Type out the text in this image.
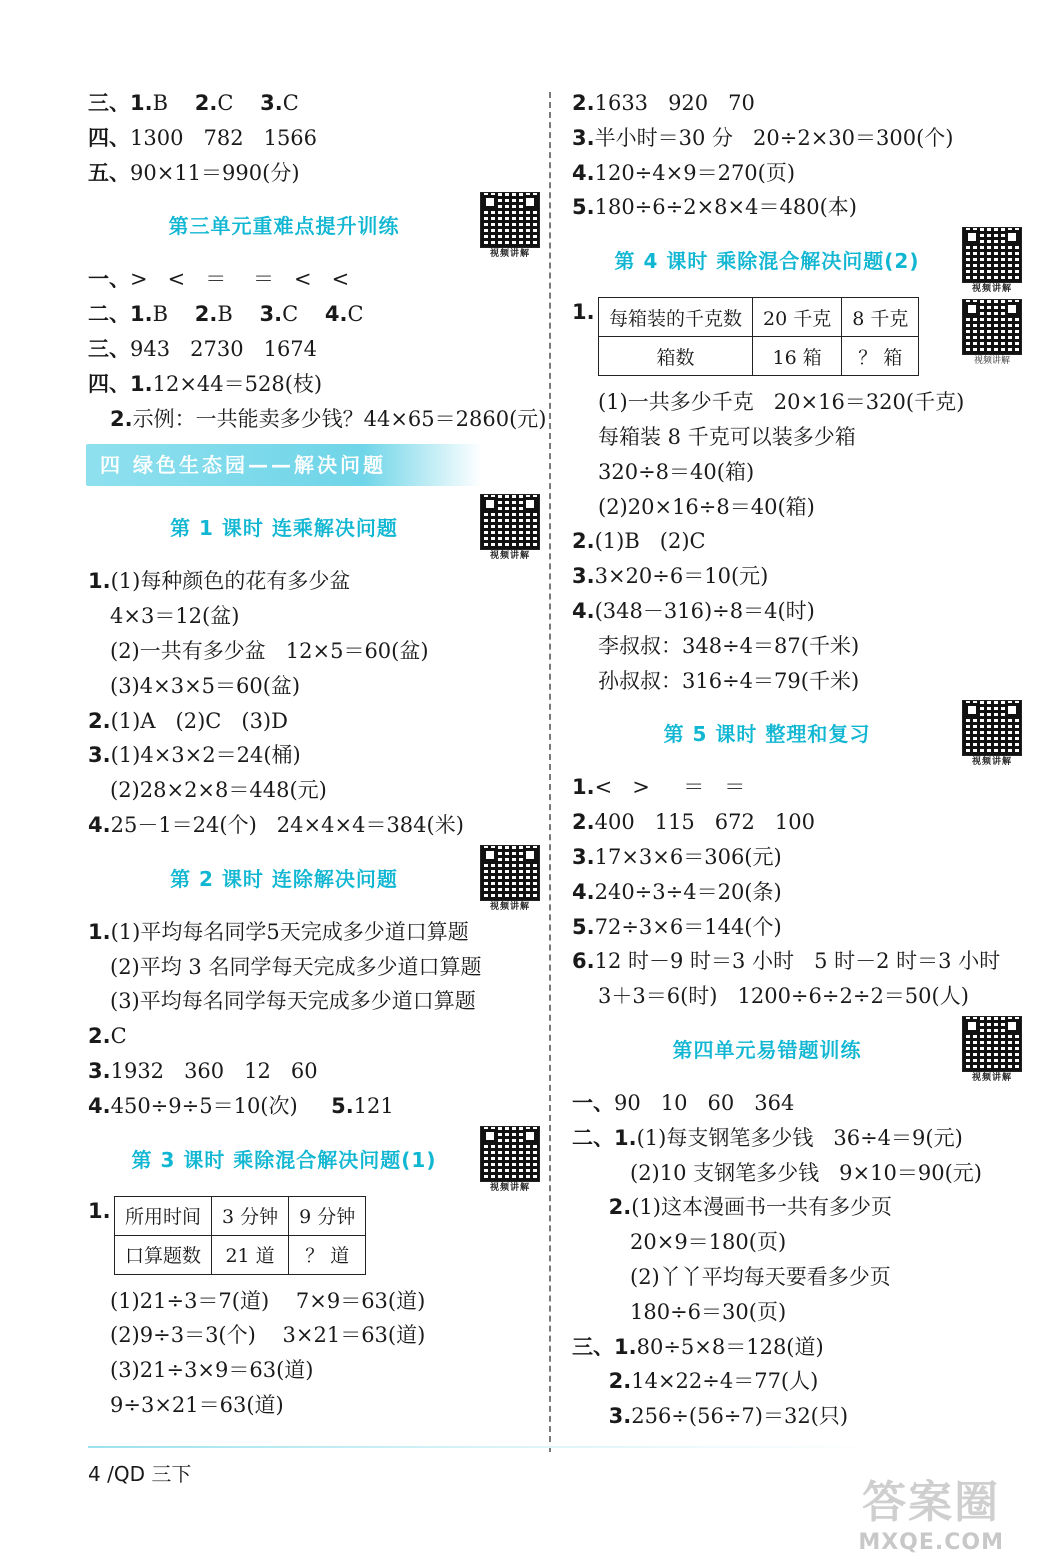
三、1.B    2.C    3.C
四、1300   782   1566
五、90×11＝990(分)
第三单元重难点提升训练
视频讲解
一、>   <   ＝    ＝   <   <
二、1.B    2.B    3.C    4.C
三、943   2730   1674
四、1.12×44＝528(枝)
2.示例：一共能卖多少钱？44×65＝2860(元)
四 绿色生态园——解决问题
第 1 课时 连乘解决问题
视频讲解
1.(1)每种颜色的花有多少盆
4×3＝12(盆)
(2)一共有多少盆   12×5＝60(盆)
(3)4×3×5＝60(盆)
2.(1)A   (2)C   (3)D
3.(1)4×3×2＝24(桶)
(2)28×2×8＝448(元)
4.25－1＝24(个)   24×4×4＝384(米)
第 2 课时 连除解决问题
视频讲解
1.(1)平均每名同学5天完成多少道口算题
(2)平均 3 名同学每天完成多少道口算题
(3)平均每名同学每天完成多少道口算题
2.C
3.1932   360   12   60
4.450÷9÷5＝10(次)     5.121
第 3 课时 乘除混合解决问题(1)
视频讲解
1. 所用时间	3 分钟	9 分钟
口算题数	21 道	？ 道
(1)21÷3＝7(道)    7×9＝63(道)
(2)9÷3＝3(个)    3×21＝63(道)
(3)21÷3×9＝63(道)
9÷3×21＝63(道)
2.1633   920   70
3.半小时＝30 分   20÷2×30＝300(个)
4.120÷4×9＝270(页)
5.180÷6÷2×8×4＝480(本)
第 4 课时 乘除混合解决问题(2)
视频讲解
1. 每箱装的千克数	20 千克	8 千克
箱数	16 箱	？ 箱	视频讲解
(1)一共多少千克   20×16＝320(千克)
每箱装 8 千克可以装多少箱
320÷8＝40(箱)
(2)20×16÷8＝40(箱)
2.(1)B   (2)C
3.3×20÷6＝10(元)
4.(348－316)÷8＝4(时)
李叔叔：348÷4＝87(千米)
孙叔叔：316÷4＝79(千米)
第 5 课时 整理和复习
视频讲解
1.<   >     ＝   ＝
2.400   115   672   100
3.17×3×6＝306(元)
4.240÷3÷4＝20(条)
5.72÷3×6＝144(个)
6.12 时－9 时＝3 小时   5 时－2 时＝3 小时
3＋3＝6(时)   1200÷6÷2÷2＝50(人)
第四单元易错题训练
视频讲解
一、90   10   60   364
二、1.(1)每支钢笔多少钱   36÷4＝9(元)
(2)10 支钢笔多少钱   9×10＝90(元)
2.(1)这本漫画书一共有多少页
20×9＝180(页)
(2)丫丫平均每天要看多少页
180÷6＝30(页)
三、1.80÷5×8＝128(道)
2.14×22÷4＝77(人)
3.256÷(56÷7)＝32(只)
4 /QD 三下
答案圈
MXQE.COM
